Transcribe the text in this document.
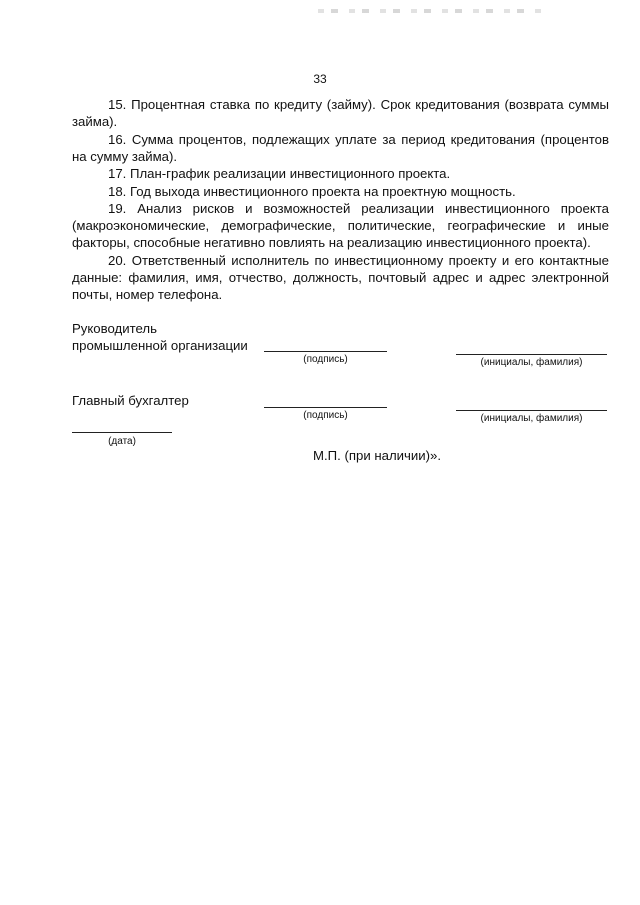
33

15. Процентная ставка по кредиту (займу). Срок кредитования (возврата суммы займа).

16. Сумма процентов, подлежащих уплате за период кредитования (процентов на сумму займа).

17. План-график реализации инвестиционного проекта.

18. Год выхода инвестиционного проекта на проектную мощность.

19. Анализ рисков и возможностей реализации инвестиционного проекта (макроэкономические, демографические, политические, географические и иные факторы, способные негативно повлиять на реализацию инвестиционного проекта).

20. Ответственный исполнитель по инвестиционному проекту и его контактные данные: фамилия, имя, отчество, должность, почтовый адрес и адрес электронной почты, номер телефона.

Руководитель
промышленной организации
(подпись)	(инициалы, фамилия)
Главный бухгалтер
(подпись)	(инициалы, фамилия)
(дата)
М.П. (при наличии)».
